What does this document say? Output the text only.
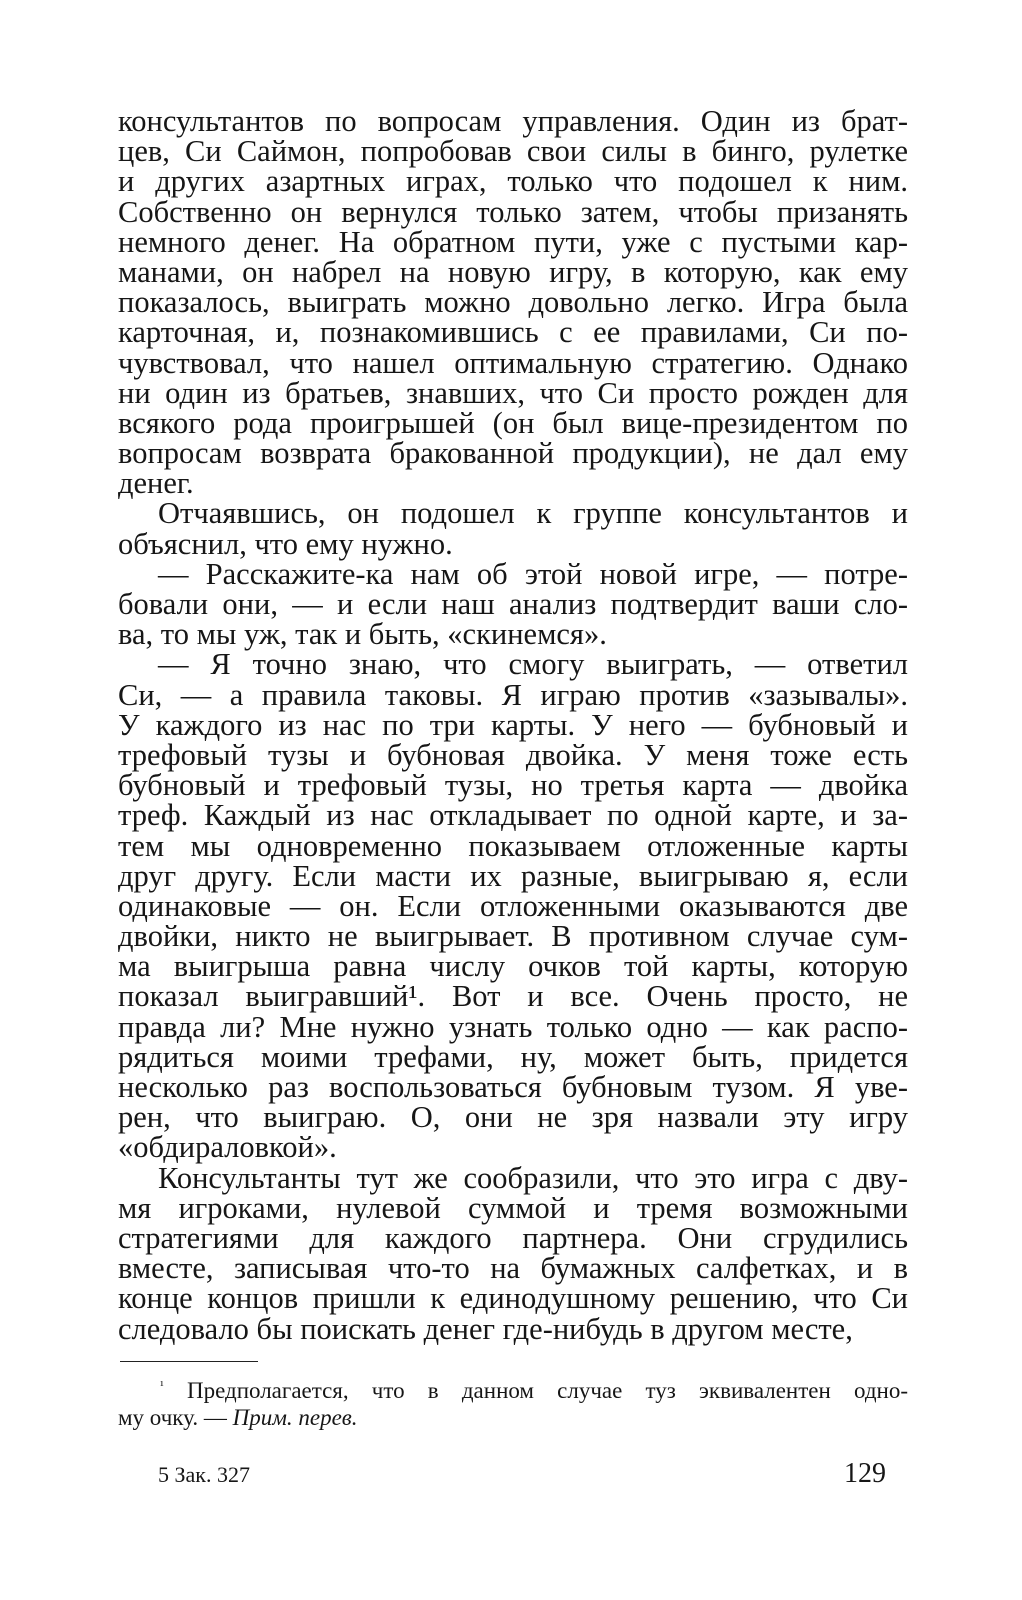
консультантов по вопросам управления. Один из брат-
цев, Си Саймон, попробовав свои силы в бинго, рулетке
и других азартных играх, только что подошел к ним.
Собственно он вернулся только затем, чтобы призанять
немного денег. На обратном пути, уже с пустыми кар-
манами, он набрел на новую игру, в которую, как ему
показалось, выиграть можно довольно легко. Игра была
карточная, и, познакомившись с ее правилами, Си по-
чувствовал, что нашел оптимальную стратегию. Однако
ни один из братьев, знавших, что Си просто рожден для
всякого рода проигрышей (он был вице-президентом по
вопросам возврата бракованной продукции), не дал ему
денег.
Отчаявшись, он подошел к группе консультантов и
объяснил, что ему нужно.
— Расскажите-ка нам об этой новой игре, — потре-
бовали они, — и если наш анализ подтвердит ваши сло-
ва, то мы уж, так и быть, «скинемся».
— Я точно знаю, что смогу выиграть, — ответил
Си, — а правила таковы. Я играю против «зазывалы».
У каждого из нас по три карты. У него — бубновый и
трефовый тузы и бубновая двойка. У меня тоже есть
бубновый и трефовый тузы, но третья карта — двойка
треф. Каждый из нас откладывает по одной карте, и за-
тем мы одновременно показываем отложенные карты
друг другу. Если масти их разные, выигрываю я, если
одинаковые — он. Если отложенными оказываются две
двойки, никто не выигрывает. В противном случае сум-
ма выигрыша равна числу очков той карты, которую
показал выигравший¹. Вот и все. Очень просто, не
правда ли? Мне нужно узнать только одно — как распо-
рядиться моими трефами, ну, может быть, придется
несколько раз воспользоваться бубновым тузом. Я уве-
рен, что выиграю. О, они не зря назвали эту игру
«обдираловкой».
Консультанты тут же сообразили, что это игра с дву-
мя игроками, нулевой суммой и тремя возможными
стратегиями для каждого партнера. Они сгрудились
вместе, записывая что-то на бумажных салфетках, и в
конце концов пришли к единодушному решению, что Си
следовало бы поискать денег где-нибудь в другом месте,
$^{^1}$ Предполагается, что в данном случае туз эквивалентен одно-
му очку. — Прим. перев.
5 Зак. 327	129
